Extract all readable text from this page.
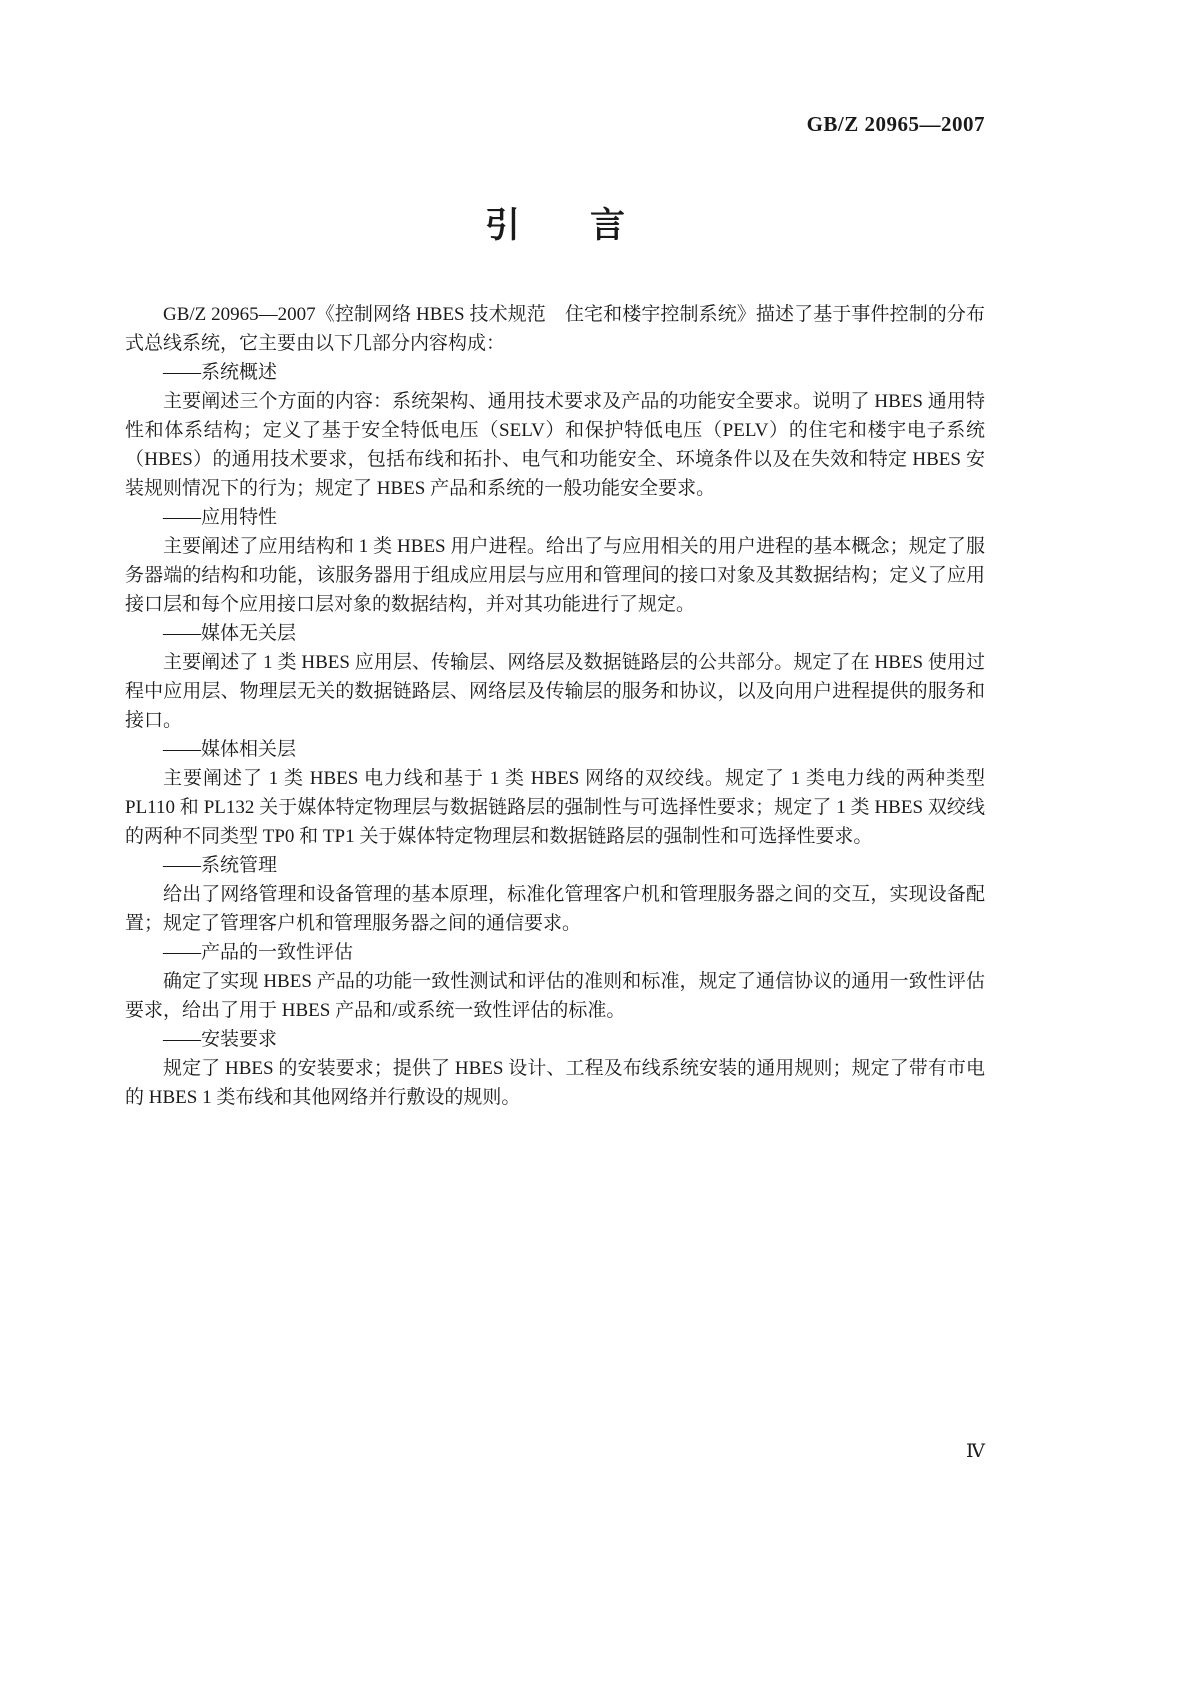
GB/Z 20965—2007
引　　言

GB/Z 20965—2007《控制网络 HBES 技术规范　住宅和楼宇控制系统》描述了基于事件控制的分布式总线系统，它主要由以下几部分内容构成：

——系统概述

主要阐述三个方面的内容：系统架构、通用技术要求及产品的功能安全要求。说明了 HBES 通用特性和体系结构；定义了基于安全特低电压（SELV）和保护特低电压（PELV）的住宅和楼宇电子系统（HBES）的通用技术要求，包括布线和拓扑、电气和功能安全、环境条件以及在失效和特定 HBES 安装规则情况下的行为；规定了 HBES 产品和系统的一般功能安全要求。

——应用特性

主要阐述了应用结构和 1 类 HBES 用户进程。给出了与应用相关的用户进程的基本概念；规定了服务器端的结构和功能，该服务器用于组成应用层与应用和管理间的接口对象及其数据结构；定义了应用接口层和每个应用接口层对象的数据结构，并对其功能进行了规定。

——媒体无关层

主要阐述了 1 类 HBES 应用层、传输层、网络层及数据链路层的公共部分。规定了在 HBES 使用过程中应用层、物理层无关的数据链路层、网络层及传输层的服务和协议，以及向用户进程提供的服务和接口。

——媒体相关层

主要阐述了 1 类 HBES 电力线和基于 1 类 HBES 网络的双绞线。规定了 1 类电力线的两种类型 PL110 和 PL132 关于媒体特定物理层与数据链路层的强制性与可选择性要求；规定了 1 类 HBES 双绞线的两种不同类型 TP0 和 TP1 关于媒体特定物理层和数据链路层的强制性和可选择性要求。

——系统管理

给出了网络管理和设备管理的基本原理，标准化管理客户机和管理服务器之间的交互，实现设备配置；规定了管理客户机和管理服务器之间的通信要求。

——产品的一致性评估

确定了实现 HBES 产品的功能一致性测试和评估的准则和标准，规定了通信协议的通用一致性评估要求，给出了用于 HBES 产品和/或系统一致性评估的标准。

——安装要求

规定了 HBES 的安装要求；提供了 HBES 设计、工程及布线系统安装的通用规则；规定了带有市电的 HBES 1 类布线和其他网络并行敷设的规则。

Ⅳ
